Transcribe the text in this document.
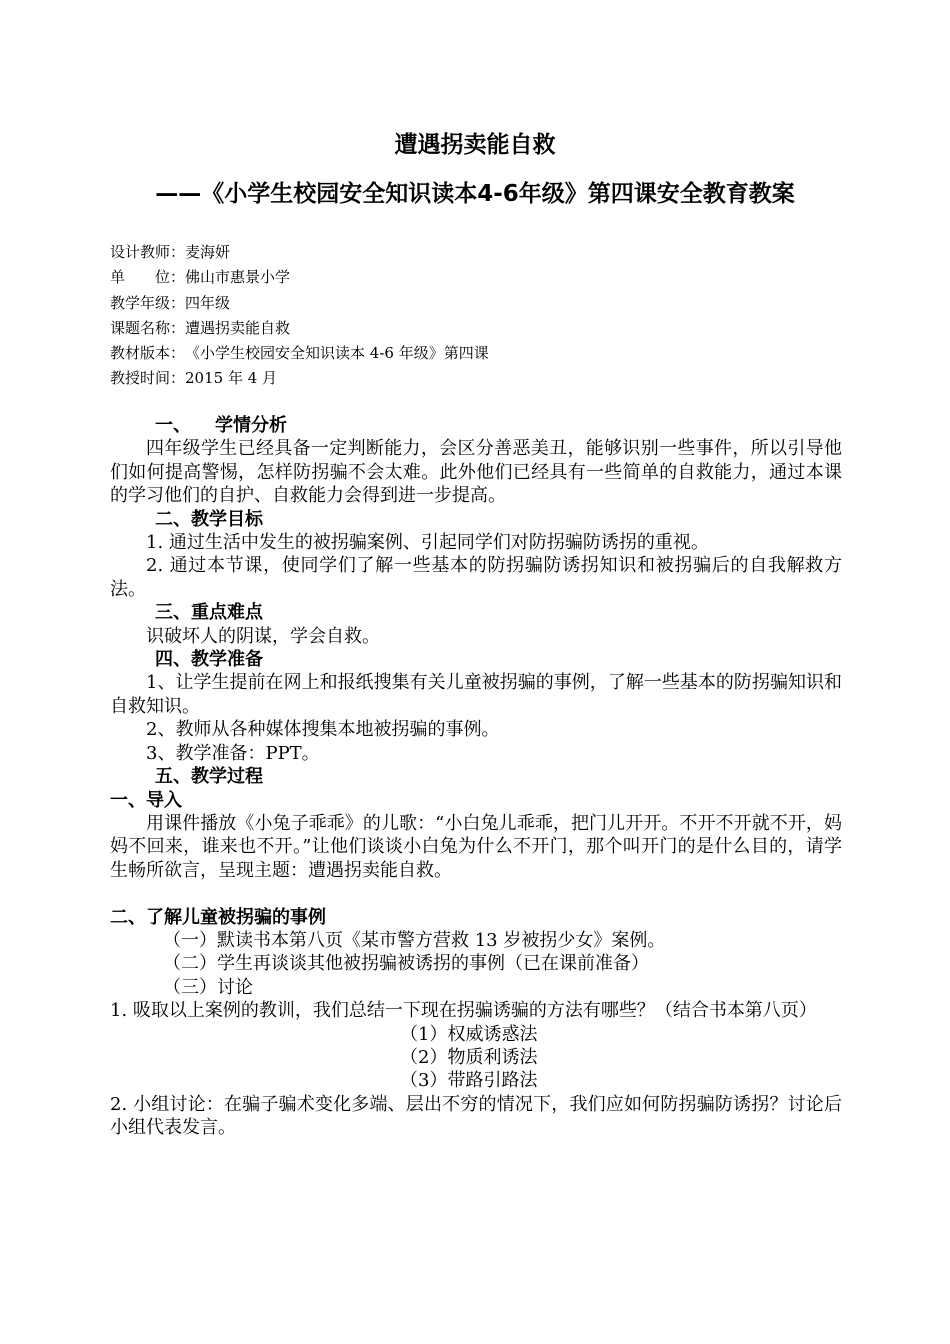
遭遇拐卖能自救
——《小学生校园安全知识读本4-6年级》第四课安全教育教案
设计教师：麦海妍
单　　位：佛山市惠景小学
教学年级：四年级
课题名称：遭遇拐卖能自救
教材版本：《小学生校园安全知识读本 4-6 年级》第四课
教授时间：2015 年 4 月

一、 学情分析

四年级学生已经具备一定判断能力，会区分善恶美丑，能够识别一些事件，所以引导他们如何提高警惕，怎样防拐骗不会太难。此外他们已经具有一些简单的自救能力，通过本课的学习他们的自护、自救能力会得到进一步提高。

二、教学目标

1. 通过生活中发生的被拐骗案例、引起同学们对防拐骗防诱拐的重视。

2. 通过本节课，使同学们了解一些基本的防拐骗防诱拐知识和被拐骗后的自我解救方法。

三、重点难点

识破坏人的阴谋，学会自救。

四、教学准备

1、让学生提前在网上和报纸搜集有关儿童被拐骗的事例，了解一些基本的防拐骗知识和自救知识。

2、教师从各种媒体搜集本地被拐骗的事例。

3、教学准备：PPT。

五、教学过程

一、导入

用课件播放《小兔子乖乖》的儿歌：“小白兔儿乖乖，把门儿开开。不开不开就不开，妈妈不回来，谁来也不开。”让他们谈谈小白兔为什么不开门，那个叫开门的是什么目的，请学生畅所欲言，呈现主题：遭遇拐卖能自救。

二、了解儿童被拐骗的事例

（一）默读书本第八页《某市警方营救 13 岁被拐少女》案例。

（二）学生再谈谈其他被拐骗被诱拐的事例（已在课前准备）

（三）讨论

1. 吸取以上案例的教训，我们总结一下现在拐骗诱骗的方法有哪些？（结合书本第八页）

（1）权威诱惑法

（2）物质利诱法

（3）带路引路法

2. 小组讨论：在骗子骗术变化多端、层出不穷的情况下，我们应如何防拐骗防诱拐？讨论后小组代表发言。
